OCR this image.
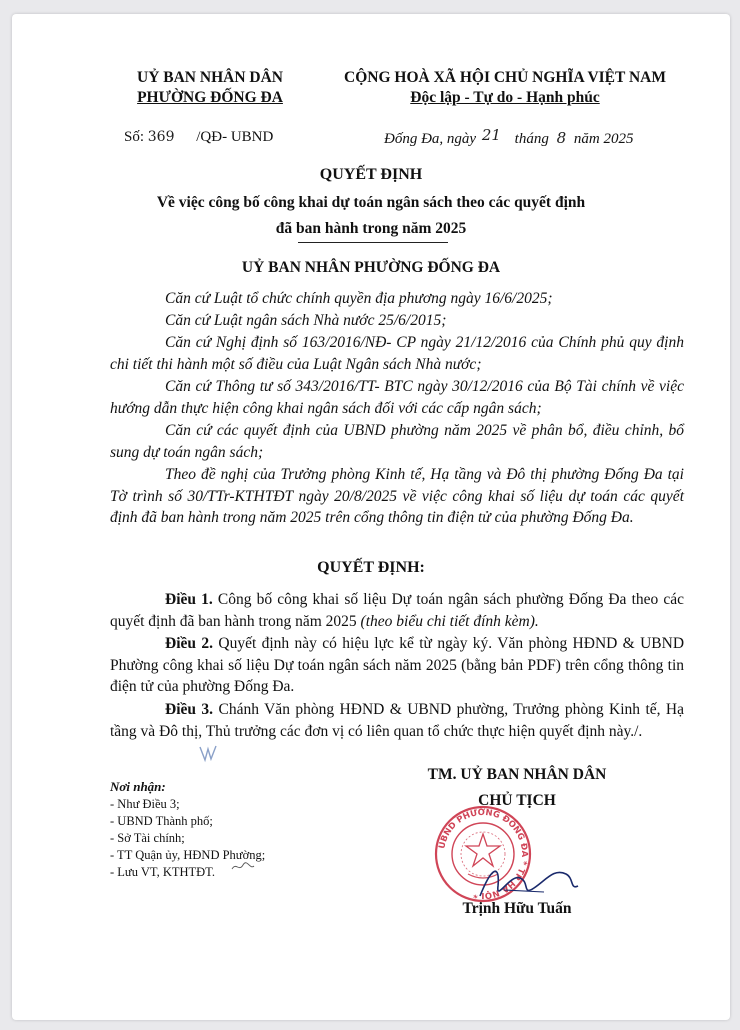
UỶ BAN NHÂN DÂN
PHƯỜNG ĐỐNG ĐA
CỘNG HOÀ XÃ HỘI CHỦ NGHĨA VIỆT NAM
Độc lập - Tự do - Hạnh phúc
Số: 369 /QĐ- UBND	Đống Đa, ngày 21 tháng 8 năm 2025
QUYẾT ĐỊNH
Về việc công bố công khai dự toán ngân sách theo các quyết định
đã ban hành trong năm 2025
UỶ BAN NHÂN PHƯỜNG ĐỐNG ĐA
Căn cứ Luật tổ chức chính quyền địa phương ngày 16/6/2025;
Căn cứ Luật ngân sách Nhà nước 25/6/2015;
Căn cứ Nghị định số 163/2016/NĐ- CP ngày 21/12/2016 của Chính phủ quy định chi tiết thi hành một số điều của Luật Ngân sách Nhà nước;
Căn cứ Thông tư số 343/2016/TT- BTC ngày 30/12/2016 của Bộ Tài chính về việc hướng dẫn thực hiện công khai ngân sách đối với các cấp ngân sách;
Căn cứ các quyết định của UBND phường năm 2025 về phân bổ, điều chỉnh, bổ sung dự toán ngân sách;
Theo đề nghị của Trưởng phòng Kinh tế, Hạ tầng và Đô thị phường Đống Đa tại Tờ trình số 30/TTr-KTHTĐT ngày 20/8/2025 về việc công khai số liệu dự toán các quyết định đã ban hành trong năm 2025 trên cổng thông tin điện tử của phường Đống Đa.
QUYẾT ĐỊNH:
Điều 1. Công bố công khai số liệu Dự toán ngân sách phường Đống Đa theo các quyết định đã ban hành trong năm 2025 (theo biểu chi tiết đính kèm).
Điều 2. Quyết định này có hiệu lực kể từ ngày ký. Văn phòng HĐND & UBND Phường công khai số liệu Dự toán ngân sách năm 2025 (bằng bản PDF) trên cổng thông tin điện tử của phường Đống Đa.
Điều 3. Chánh Văn phòng HĐND & UBND phường, Trưởng phòng Kinh tế, Hạ tầng và Đô thị, Thủ trưởng các đơn vị có liên quan tổ chức thực hiện quyết định này./.
Nơi nhận:
- Như Điều 3;
- UBND Thành phố;
- Sở Tài chính;
- TT Quận ủy, HĐND Phường;
- Lưu VT, KTHTĐT.
TM. UỶ BAN NHÂN DÂN
CHỦ TỊCH
UBND PHƯỜNG ĐỐNG ĐA * TP HÀ NỘI *
Trịnh Hữu Tuấn
